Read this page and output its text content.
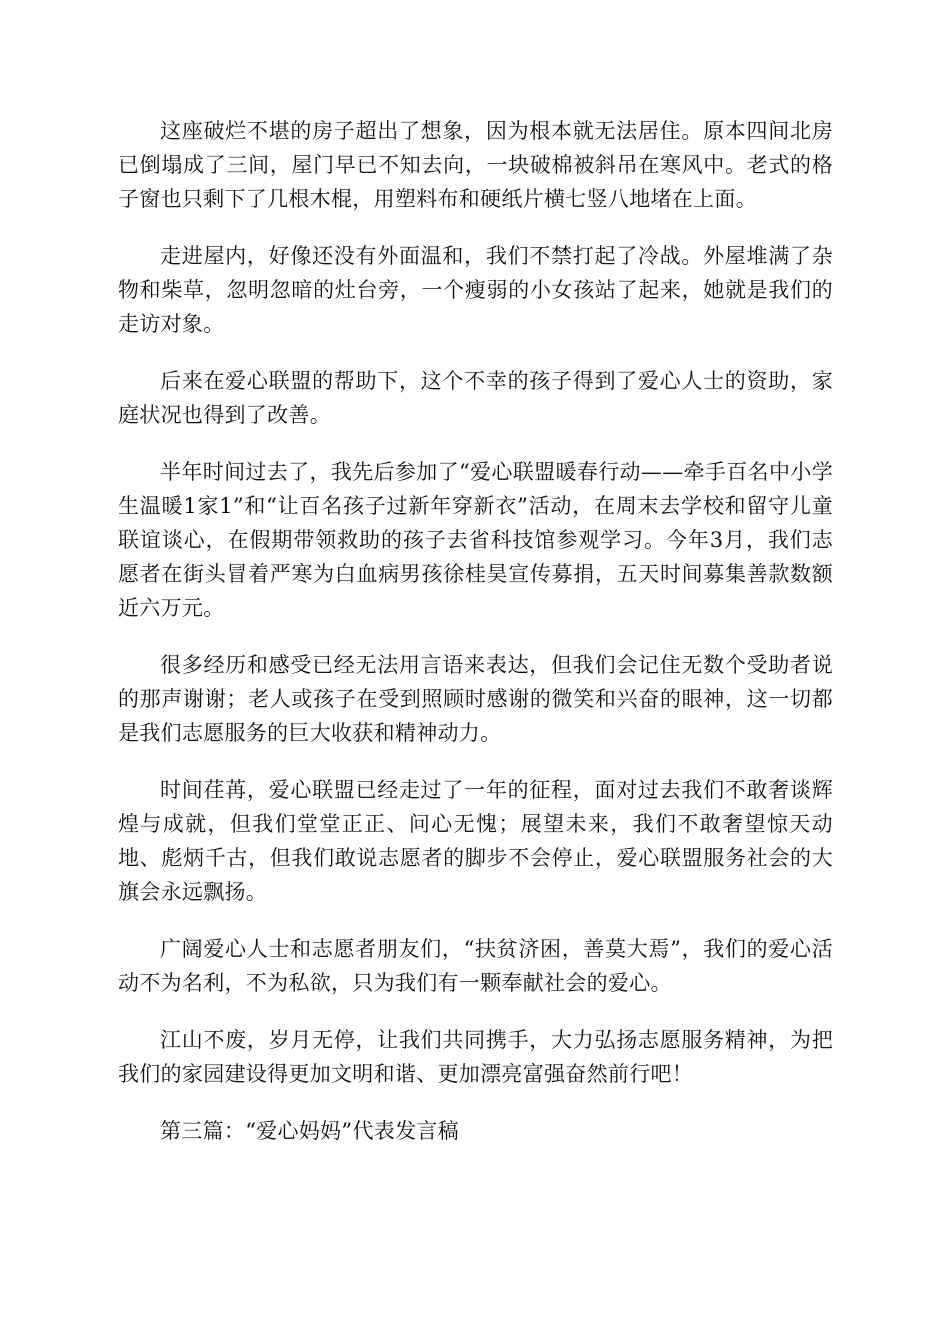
这座破烂不堪的房子超出了想象，因为根本就无法居住。原本四间北房已倒塌成了三间，屋门早已不知去向，一块破棉被斜吊在寒风中。老式的格子窗也只剩下了几根木棍，用塑料布和硬纸片横七竖八地堵在上面。

走进屋内，好像还没有外面温和，我们不禁打起了冷战。外屋堆满了杂物和柴草，忽明忽暗的灶台旁，一个瘦弱的小女孩站了起来，她就是我们的走访对象。

后来在爱心联盟的帮助下，这个不幸的孩子得到了爱心人士的资助，家庭状况也得到了改善。

半年时间过去了，我先后参加了“爱心联盟暖春行动——牵手百名中小学生温暖1家1”和“让百名孩子过新年穿新衣”活动，在周末去学校和留守儿童联谊谈心，在假期带领救助的孩子去省科技馆参观学习。今年3月，我们志愿者在街头冒着严寒为白血病男孩徐桂昊宣传募捐，五天时间募集善款数额近六万元。

很多经历和感受已经无法用言语来表达，但我们会记住无数个受助者说的那声谢谢；老人或孩子在受到照顾时感谢的微笑和兴奋的眼神，这一切都是我们志愿服务的巨大收获和精神动力。

时间荏苒，爱心联盟已经走过了一年的征程，面对过去我们不敢奢谈辉煌与成就，但我们堂堂正正、问心无愧；展望未来，我们不敢奢望惊天动地、彪炳千古，但我们敢说志愿者的脚步不会停止，爱心联盟服务社会的大旗会永远飘扬。

广阔爱心人士和志愿者朋友们，“扶贫济困，善莫大焉”，我们的爱心活动不为名利，不为私欲，只为我们有一颗奉献社会的爱心。

江山不废，岁月无停，让我们共同携手，大力弘扬志愿服务精神，为把我们的家园建设得更加文明和谐、更加漂亮富强奋然前行吧！

第三篇：“爱心妈妈”代表发言稿
